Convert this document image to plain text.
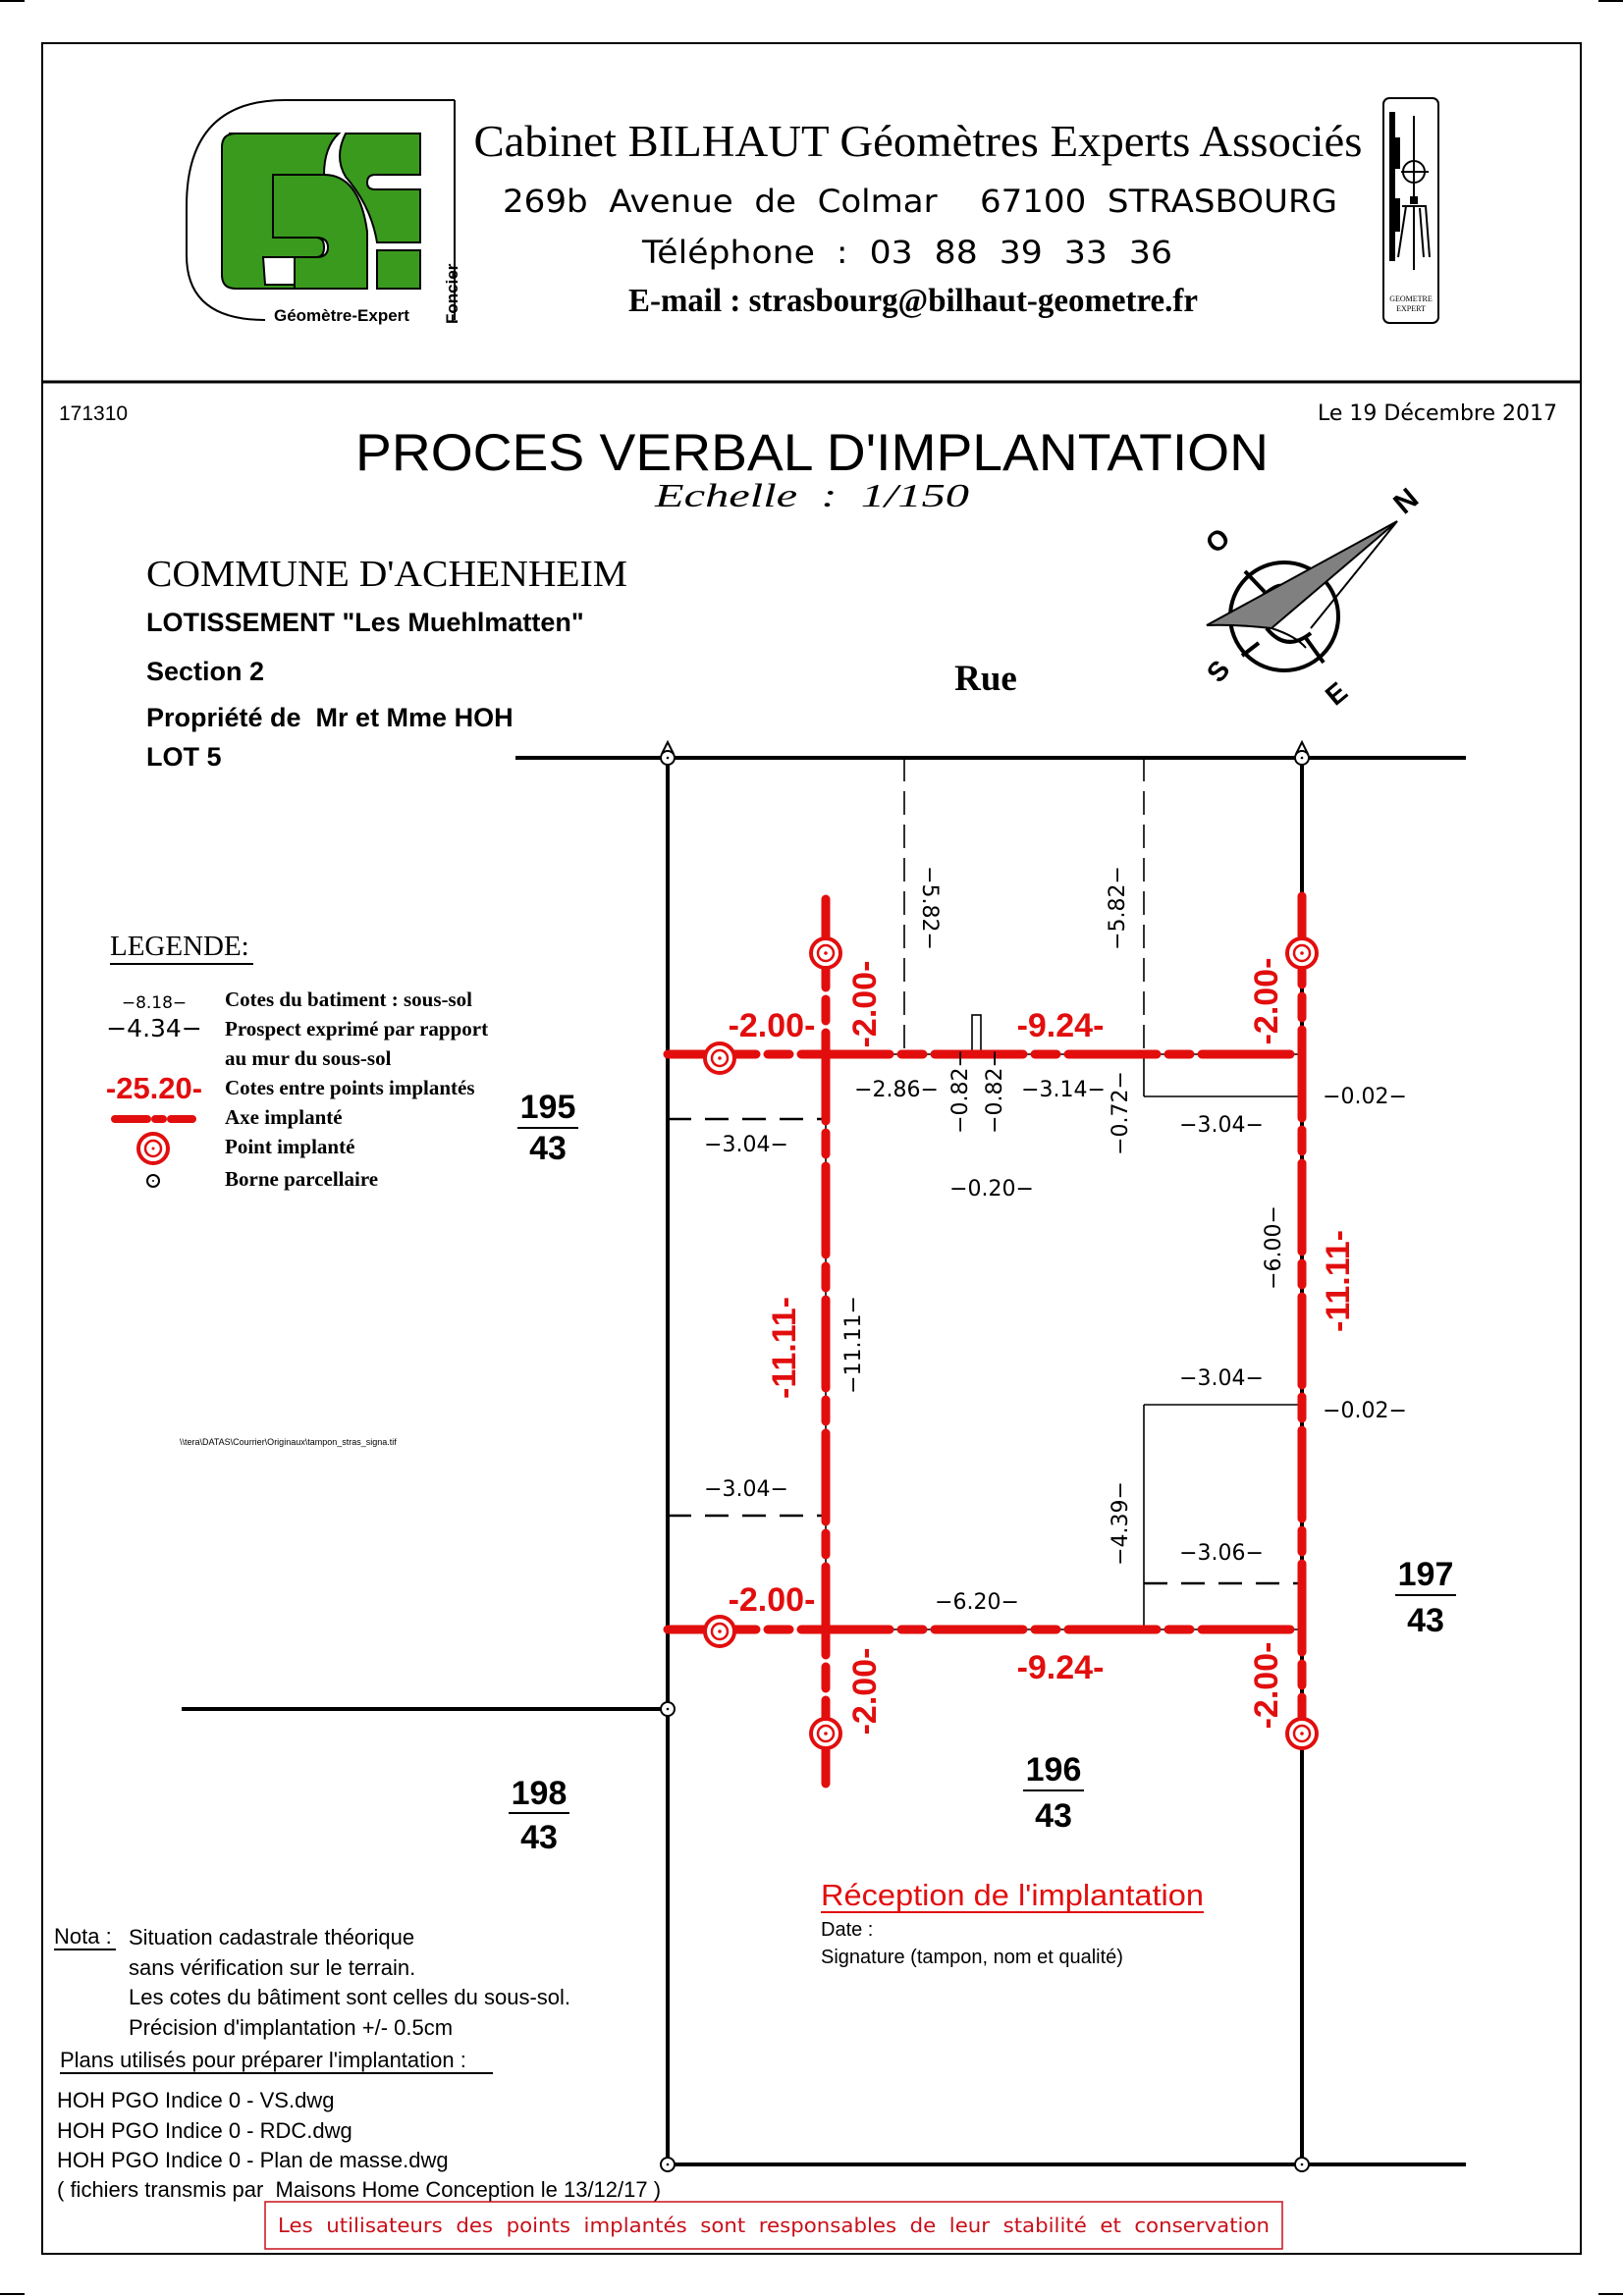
Géomètre-Expert Foncier	GEOMETRE
EXPERT
Cabinet BILHAUT Géomètres Experts Associés
269b  Avenue  de  Colmar    67100  STRASBOURG
Téléphone  :  03  88  39  33  36
E-mail : strasbourg@bilhaut-geometre.fr
171310	Le 19 Décembre 2017
PROCES VERBAL D'IMPLANTATION
Echelle  :  1/150
COMMUNE D'ACHENHEIM
LOTISSEMENT "Les Muehlmatten"
Section 2
Propriété de  Mr et Mme HOH
LOT 5
Rue
N
O
S
E
LEGENDE:
−8.18− Cotes du batiment : sous-sol
−4.34− Prospect exprimé par rapport
au mur du sous-sol
-25.20- Cotes entre points implantés
Axe implanté
Point implanté
Borne parcellaire
-2.00- -2.00-	-9.24-	-2.00-
-11.11-
-11.11-
-2.00-
-9.24-
-2.00-	-2.00-
−5.82−	−5.82−
−2.86− −0.82− −0.82− −3.14− −0.72−	−0.02−
−3.04−
−3.04−
−0.20−
−11.11−
−6.00−
−3.04−
−0.02−
−3.04−	−4.39− −3.06−
−6.20−
195
43
196
43
197
43
198
43
\\tera\DATAS\Courrier\Originaux\tampon_stras_signa.tif
Réception de l'implantation
Date :
Signature (tampon, nom et qualité)
Nota : Situation cadastrale théorique
sans vérification sur le terrain.
Les cotes du bâtiment sont celles du sous-sol.
Précision d'implantation +/- 0.5cm
Plans utilisés pour préparer l'implantation :
HOH PGO Indice 0 - VS.dwg
HOH PGO Indice 0 - RDC.dwg
HOH PGO Indice 0 - Plan de masse.dwg
( fichiers transmis par  Maisons Home Conception le 13/12/17 )
Les  utilisateurs  des  points  implantés  sont  responsables  de  leur  stabilité  et  conservation
